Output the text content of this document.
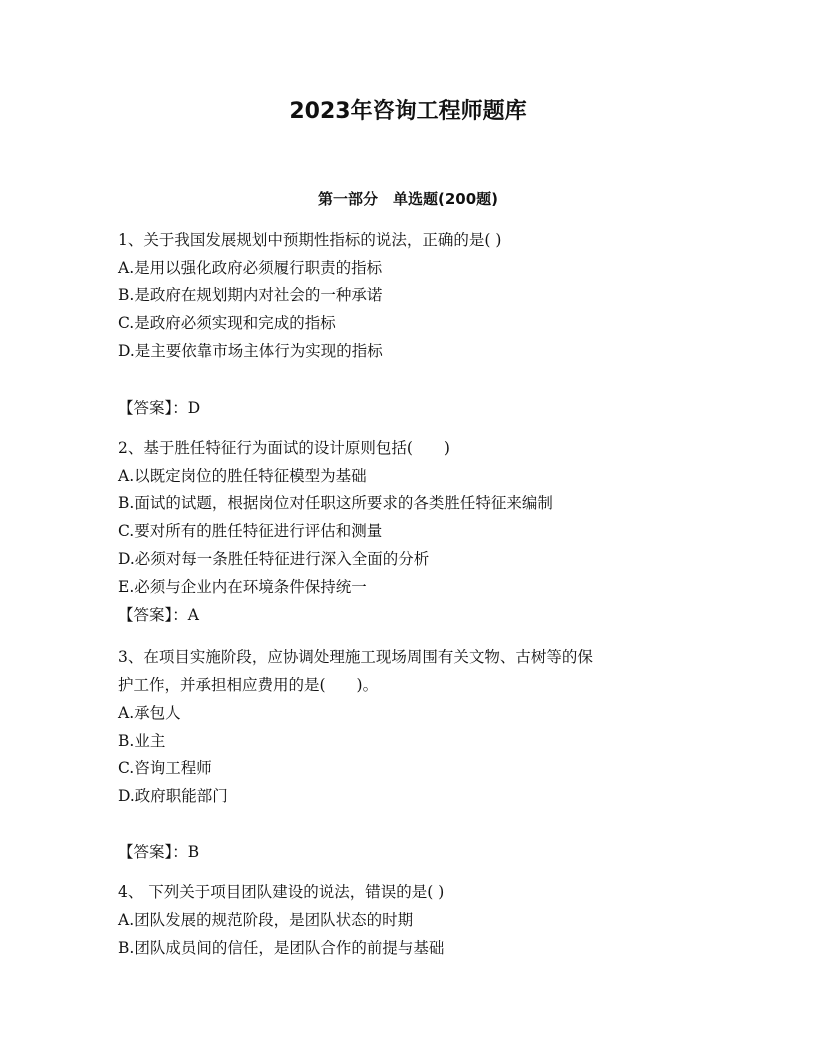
2023年咨询工程师题库
第一部分　单选题(200题)
1、关于我国发展规划中预期性指标的说法，正确的是( )
A.是用以强化政府必须履行职责的指标
B.是政府在规划期内对社会的一种承诺
C.是政府必须实现和完成的指标
D.是主要依靠市场主体行为实现的指标
【答案】：D
2、基于胜任特征行为面试的设计原则包括(　　)
A.以既定岗位的胜任特征模型为基础
B.面试的试题，根据岗位对任职这所要求的各类胜任特征来编制
C.要对所有的胜任特征进行评估和测量
D.必须对每一条胜任特征进行深入全面的分析
E.必须与企业内在环境条件保持统一
【答案】：A
3、在项目实施阶段，应协调处理施工现场周围有关文物、古树等的保
护工作，并承担相应费用的是(　　)。
A.承包人
B.业主
C.咨询工程师
D.政府职能部门
【答案】：B
4、 下列关于项目团队建设的说法，错误的是( )
A.团队发展的规范阶段，是团队状态的时期
B.团队成员间的信任，是团队合作的前提与基础
